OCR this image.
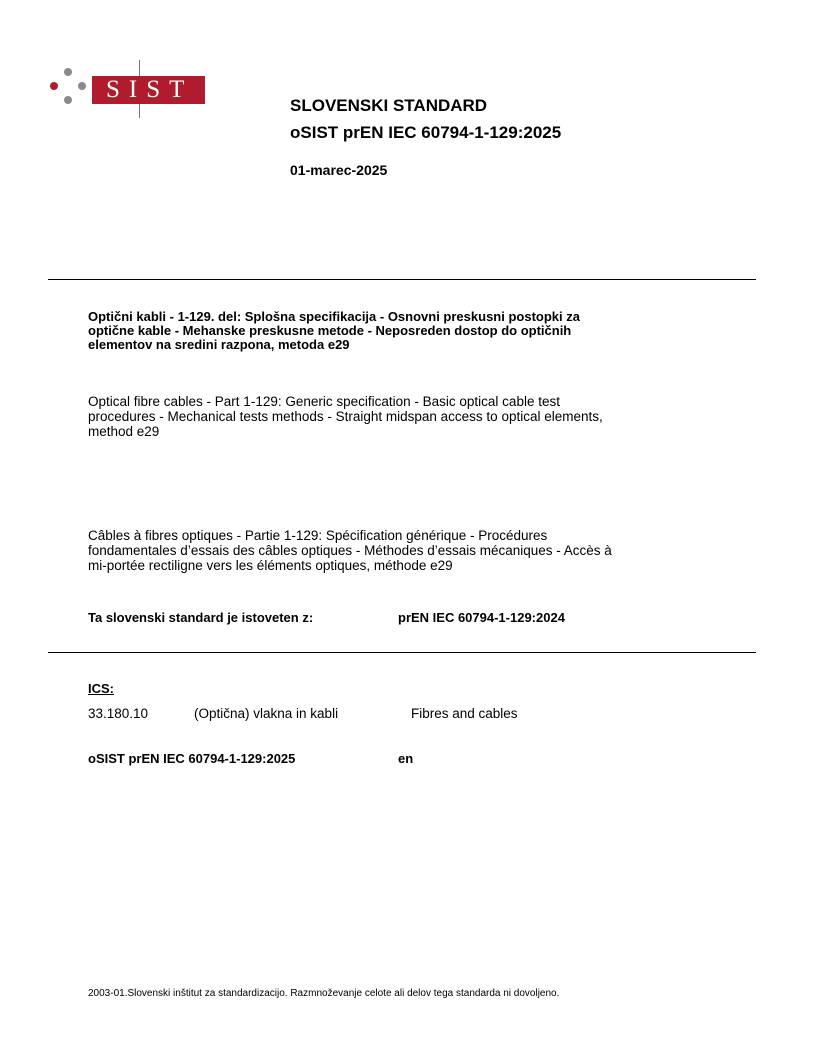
SIST
SLOVENSKI STANDARD
oSIST prEN IEC 60794-1-129:2025
01-marec-2025
Optični kabli - 1-129. del: Splošna specifikacija - Osnovni preskusni postopki za
optične kable - Mehanske preskusne metode - Neposreden dostop do optičnih
elementov na sredini razpona, metoda e29
Optical fibre cables - Part 1-129: Generic specification - Basic optical cable test
procedures - Mechanical tests methods - Straight midspan access to optical elements,
method e29
Câbles à fibres optiques - Partie 1-129: Spécification générique - Procédures
fondamentales d’essais des câbles optiques - Méthodes d’essais mécaniques - Accès à
mi-portée rectiligne vers les éléments optiques, méthode e29
Ta slovenski standard je istoveten z:	prEN IEC 60794-1-129:2024
ICS:
33.180.10	(Optična) vlakna in kabli	Fibres and cables
oSIST prEN IEC 60794-1-129:2025	en
2003-01.Slovenski inštitut za standardizacijo. Razmnoževanje celote ali delov tega standarda ni dovoljeno.
